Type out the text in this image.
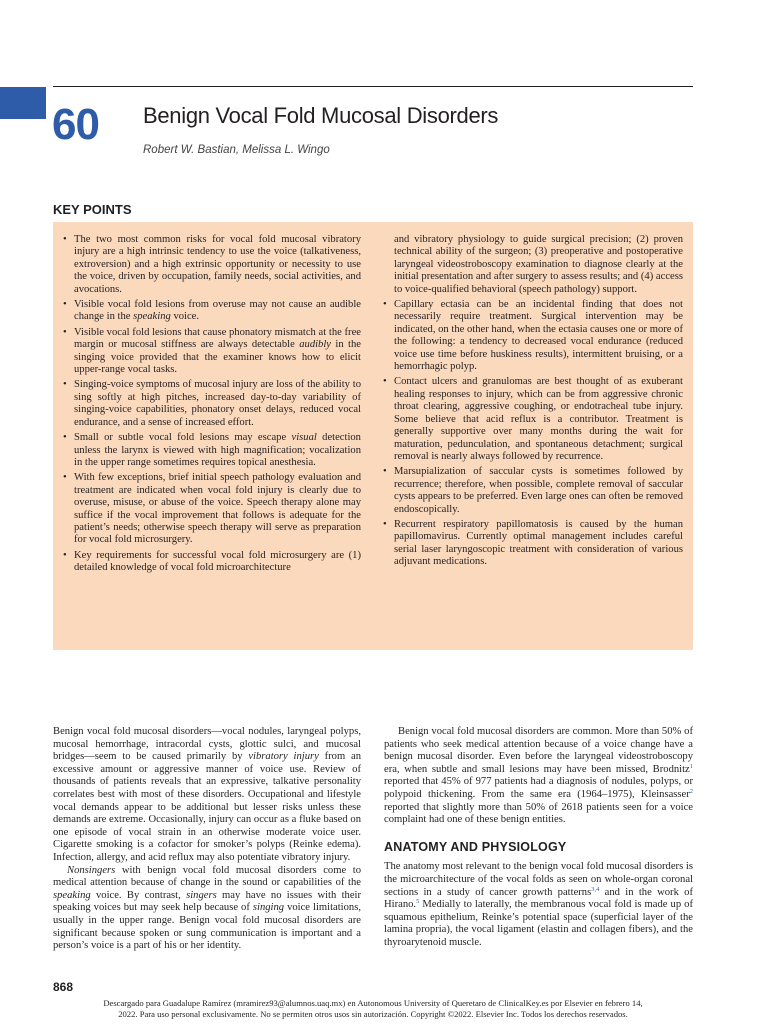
60 Benign Vocal Fold Mucosal Disorders
Robert W. Bastian, Melissa L. Wingo
KEY POINTS
• The two most common risks for vocal fold mucosal vibratory injury are a high intrinsic tendency to use the voice (talkativeness, extroversion) and a high extrinsic opportunity or necessity to use the voice, driven by occupation, family needs, social activities, and avocations.
• Visible vocal fold lesions from overuse may not cause an audible change in the speaking voice.
• Visible vocal fold lesions that cause phonatory mismatch at the free margin or mucosal stiffness are always detectable audibly in the singing voice provided that the examiner knows how to elicit upper-range vocal tasks.
• Singing-voice symptoms of mucosal injury are loss of the ability to sing softly at high pitches, increased day-to-day variability of singing-voice capabilities, phonatory onset delays, reduced vocal endurance, and a sense of increased effort.
• Small or subtle vocal fold lesions may escape visual detection unless the larynx is viewed with high magnification; vocalization in the upper range sometimes requires topical anesthesia.
• With few exceptions, brief initial speech pathology evaluation and treatment are indicated when vocal fold injury is clearly due to overuse, misuse, or abuse of the voice. Speech therapy alone may suffice if the vocal improvement that follows is adequate for the patient’s needs; otherwise speech therapy will serve as preparation for vocal fold microsurgery.
• Key requirements for successful vocal fold microsurgery are (1) detailed knowledge of vocal fold microarchitecture
and vibratory physiology to guide surgical precision; (2) proven technical ability of the surgeon; (3) preoperative and postoperative laryngeal videostroboscopy examination to diagnose clearly at the initial presentation and after surgery to assess results; and (4) access to voice-qualified behavioral (speech pathology) support.
• Capillary ectasia can be an incidental finding that does not necessarily require treatment. Surgical intervention may be indicated, on the other hand, when the ectasia causes one or more of the following: a tendency to decreased vocal endurance (reduced voice use time before huskiness results), intermittent bruising, or a hemorrhagic polyp.
• Contact ulcers and granulomas are best thought of as exuberant healing responses to injury, which can be from aggressive chronic throat clearing, aggressive coughing, or endotracheal tube injury. Some believe that acid reflux is a contributor. Treatment is generally supportive over many months during the wait for maturation, pedunculation, and spontaneous detachment; surgical removal is nearly always followed by recurrence.
• Marsupialization of saccular cysts is sometimes followed by recurrence; therefore, when possible, complete removal of saccular cysts appears to be preferred. Even large ones can often be removed endoscopically.
• Recurrent respiratory papillomatosis is caused by the human papillomavirus. Currently optimal management includes careful serial laser laryngoscopic treatment with consideration of various adjuvant medications.

Benign vocal fold mucosal disorders—vocal nodules, laryngeal polyps, mucosal hemorrhage, intracordal cysts, glottic sulci, and mucosal bridges—seem to be caused primarily by vibratory injury from an excessive amount or aggressive manner of voice use. Review of thousands of patients reveals that an expressive, talkative personality correlates best with most of these disorders. Occupational and lifestyle vocal demands appear to be additional but lesser risks unless these demands are extreme. Occasionally, injury can occur as a fluke based on one episode of vocal strain in an otherwise moderate voice user. Cigarette smoking is a cofactor for smoker’s polyps (Reinke edema). Infection, allergy, and acid reflux may also potentiate vibratory injury.

Nonsingers with benign vocal fold mucosal disorders come to medical attention because of change in the sound or capabilities of the speaking voice. By contrast, singers may have no issues with their speaking voices but may seek help because of singing voice limitations, usually in the upper range. Benign vocal fold mucosal disorders are significant because spoken or sung communication is important and a person’s voice is a part of his or her identity.

Benign vocal fold mucosal disorders are common. More than 50% of patients who seek medical attention because of a voice change have a benign mucosal disorder. Even before the laryngeal videostroboscopy era, when subtle and small lesions may have been missed, Brodnitz$^1$ reported that 45% of 977 patients had a diagnosis of nodules, polyps, or polypoid thickening. From the same era (1964–1975), Kleinsasser$^2$ reported that slightly more than 50% of 2618 patients seen for a voice complaint had one of these benign entities.

ANATOMY AND PHYSIOLOGY

The anatomy most relevant to the benign vocal fold mucosal disorders is the microarchitecture of the vocal folds as seen on whole-organ coronal sections in a study of cancer growth patterns$^{3,4}$ and in the work of Hirano.$^5$ Medially to laterally, the membranous vocal fold is made up of squamous epithelium, Reinke’s potential space (superficial layer of the lamina propria), the vocal ligament (elastin and collagen fibers), and the thyroarytenoid muscle.

868
Descargado para Guadalupe Ramírez (mramirez93@alumnos.uaq.mx) en Autonomous University of Queretaro de ClinicalKey.es por Elsevier en febrero 14,
2022. Para uso personal exclusivamente. No se permiten otros usos sin autorización. Copyright ©2022. Elsevier Inc. Todos los derechos reservados.
